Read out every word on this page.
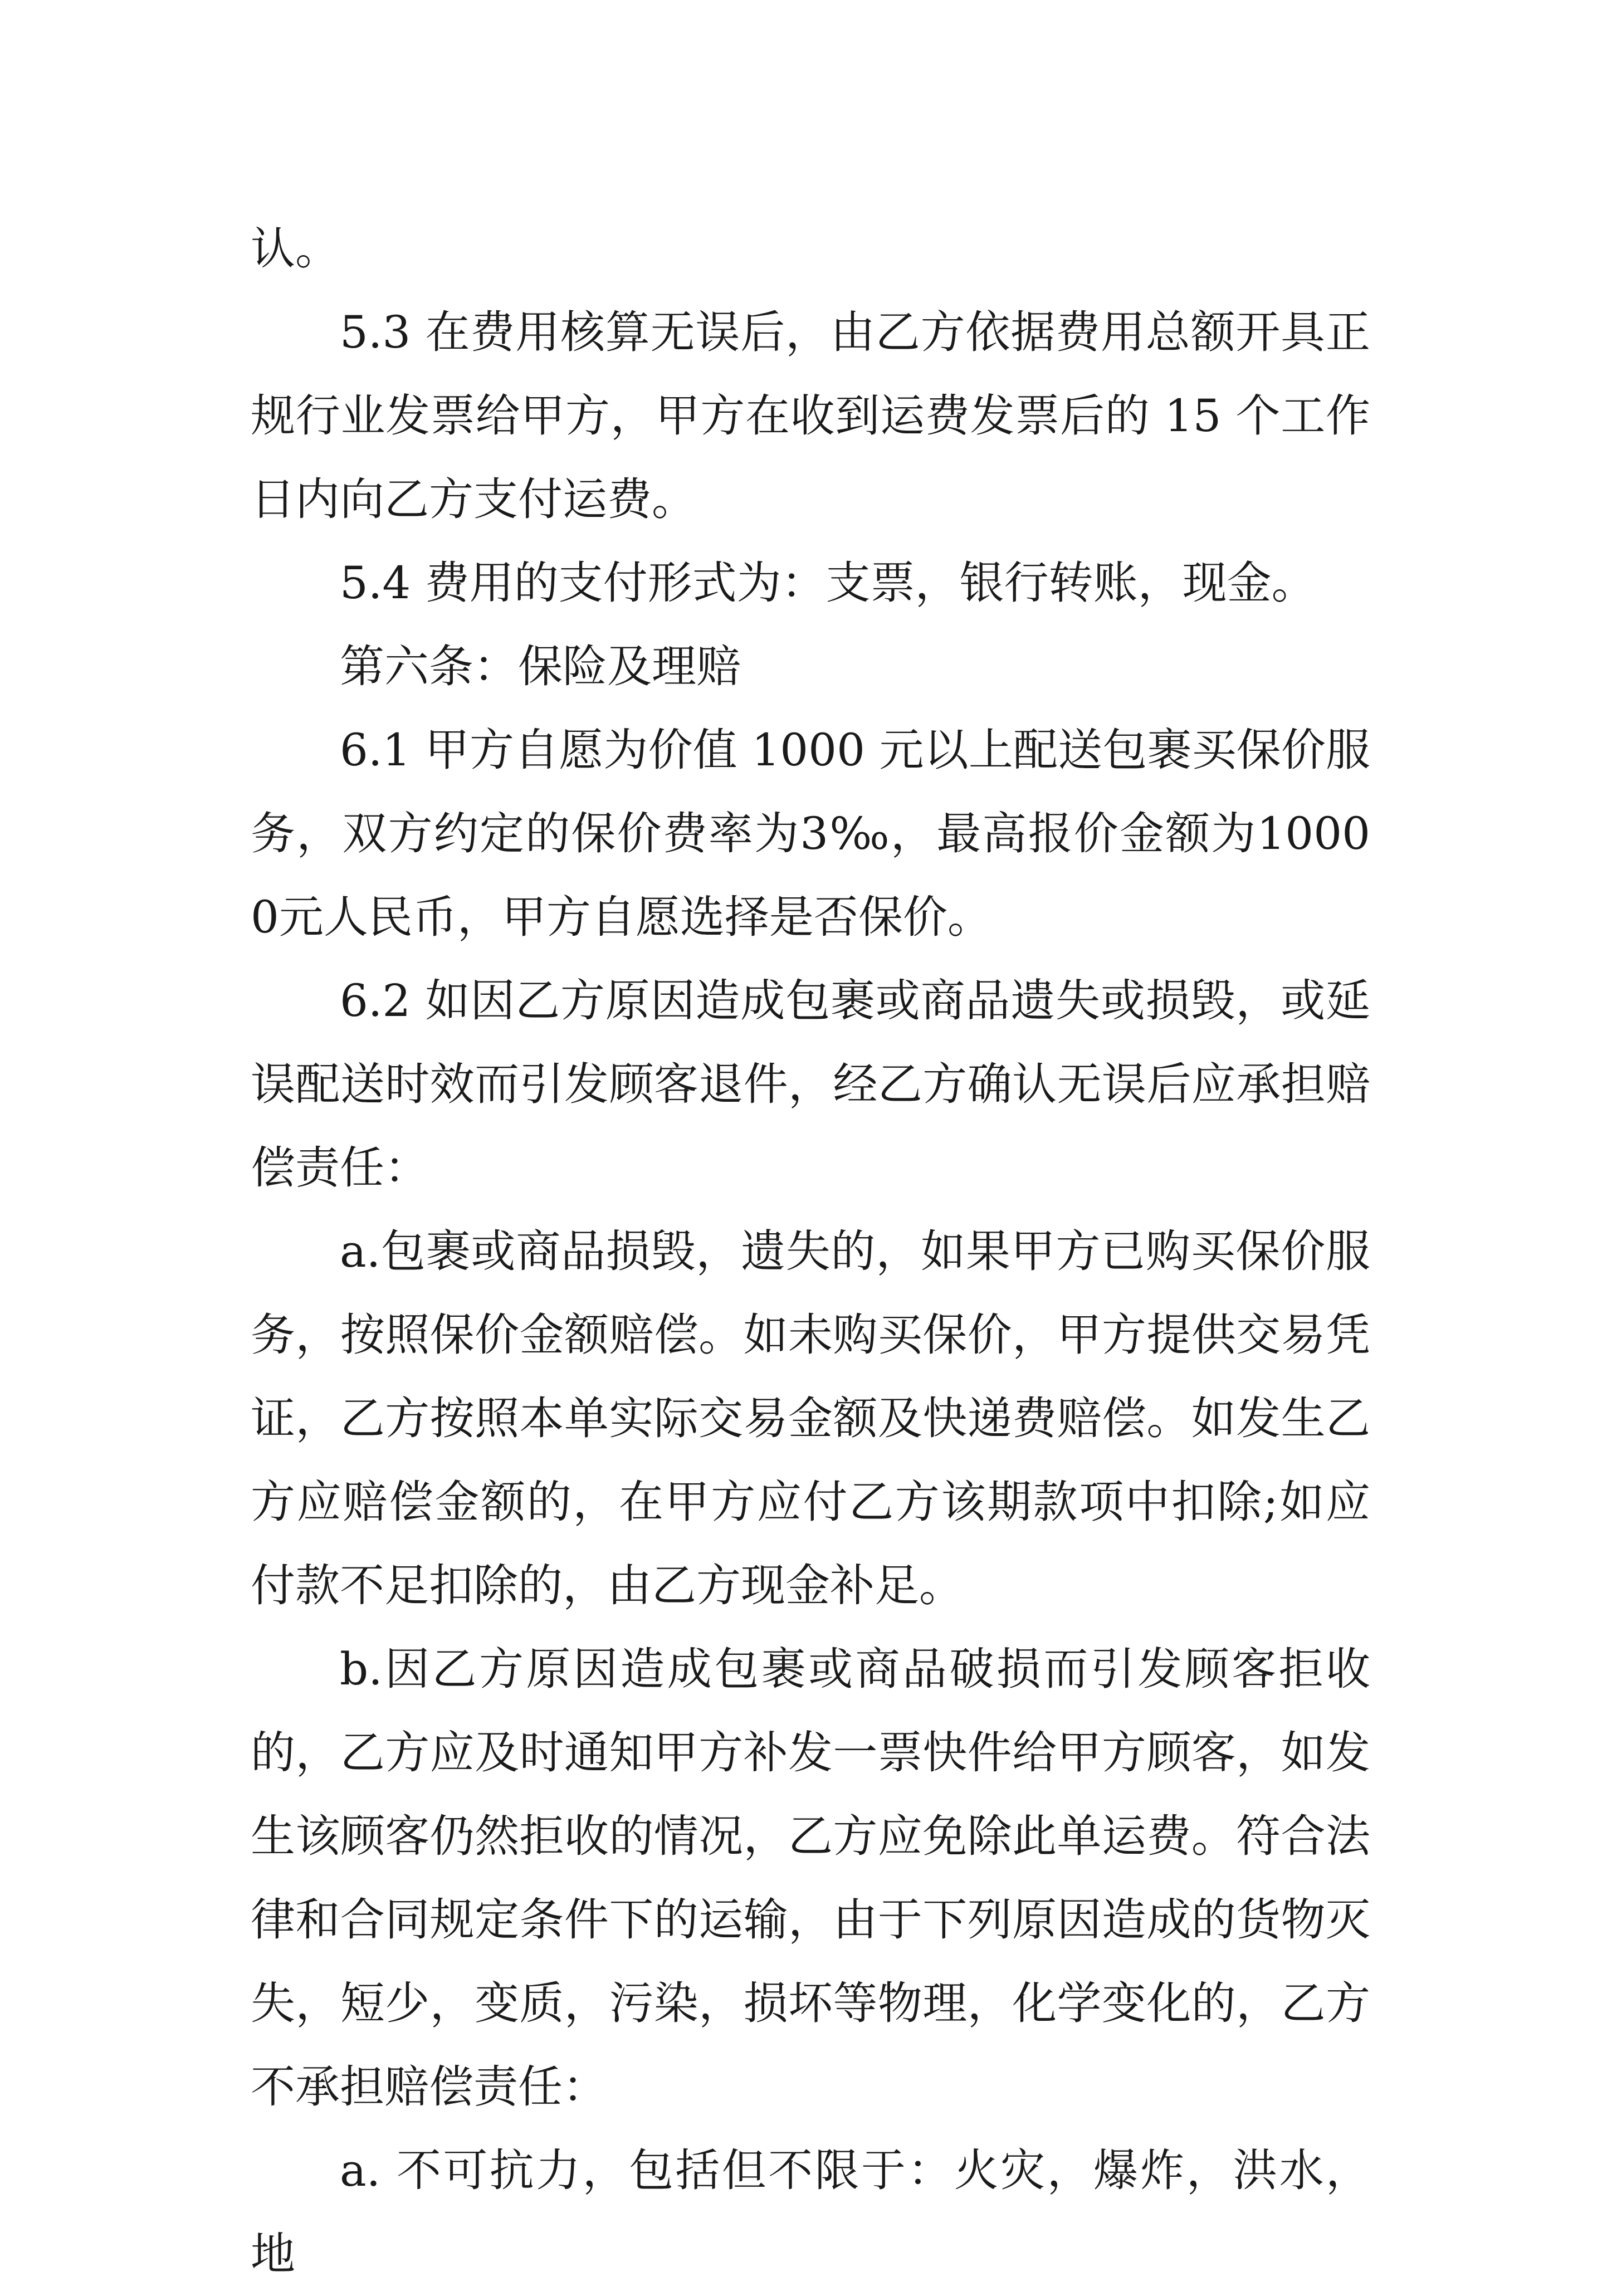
认。

5.3 在费用核算无误后，由乙方依据费用总额开具正规行业发票给甲方，甲方在收到运费发票后的 15 个工作日内向乙方支付运费。

5.4 费用的支付形式为：支票，银行转账，现金。

第六条：保险及理赔

6.1 甲方自愿为价值 1000 元以上配送包裹买保价服务，双方约定的保价费率为3‰，最高报价金额为10000元人民币，甲方自愿选择是否保价。

6.2 如因乙方原因造成包裹或商品遗失或损毁，或延误配送时效而引发顾客退件，经乙方确认无误后应承担赔偿责任：

a.包裹或商品损毁，遗失的，如果甲方已购买保价服务，按照保价金额赔偿。如未购买保价，甲方提供交易凭证，乙方按照本单实际交易金额及快递费赔偿。如发生乙方应赔偿金额的，在甲方应付乙方该期款项中扣除;如应付款不足扣除的，由乙方现金补足。

b.因乙方原因造成包裹或商品破损而引发顾客拒收的，乙方应及时通知甲方补发一票快件给甲方顾客，如发生该顾客仍然拒收的情况，乙方应免除此单运费。符合法律和合同规定条件下的运输，由于下列原因造成的货物灭失，短少，变质，污染，损坏等物理，化学变化的，乙方不承担赔偿责任：

a. 不可抗力，包括但不限于：火灾，爆炸，洪水，地
